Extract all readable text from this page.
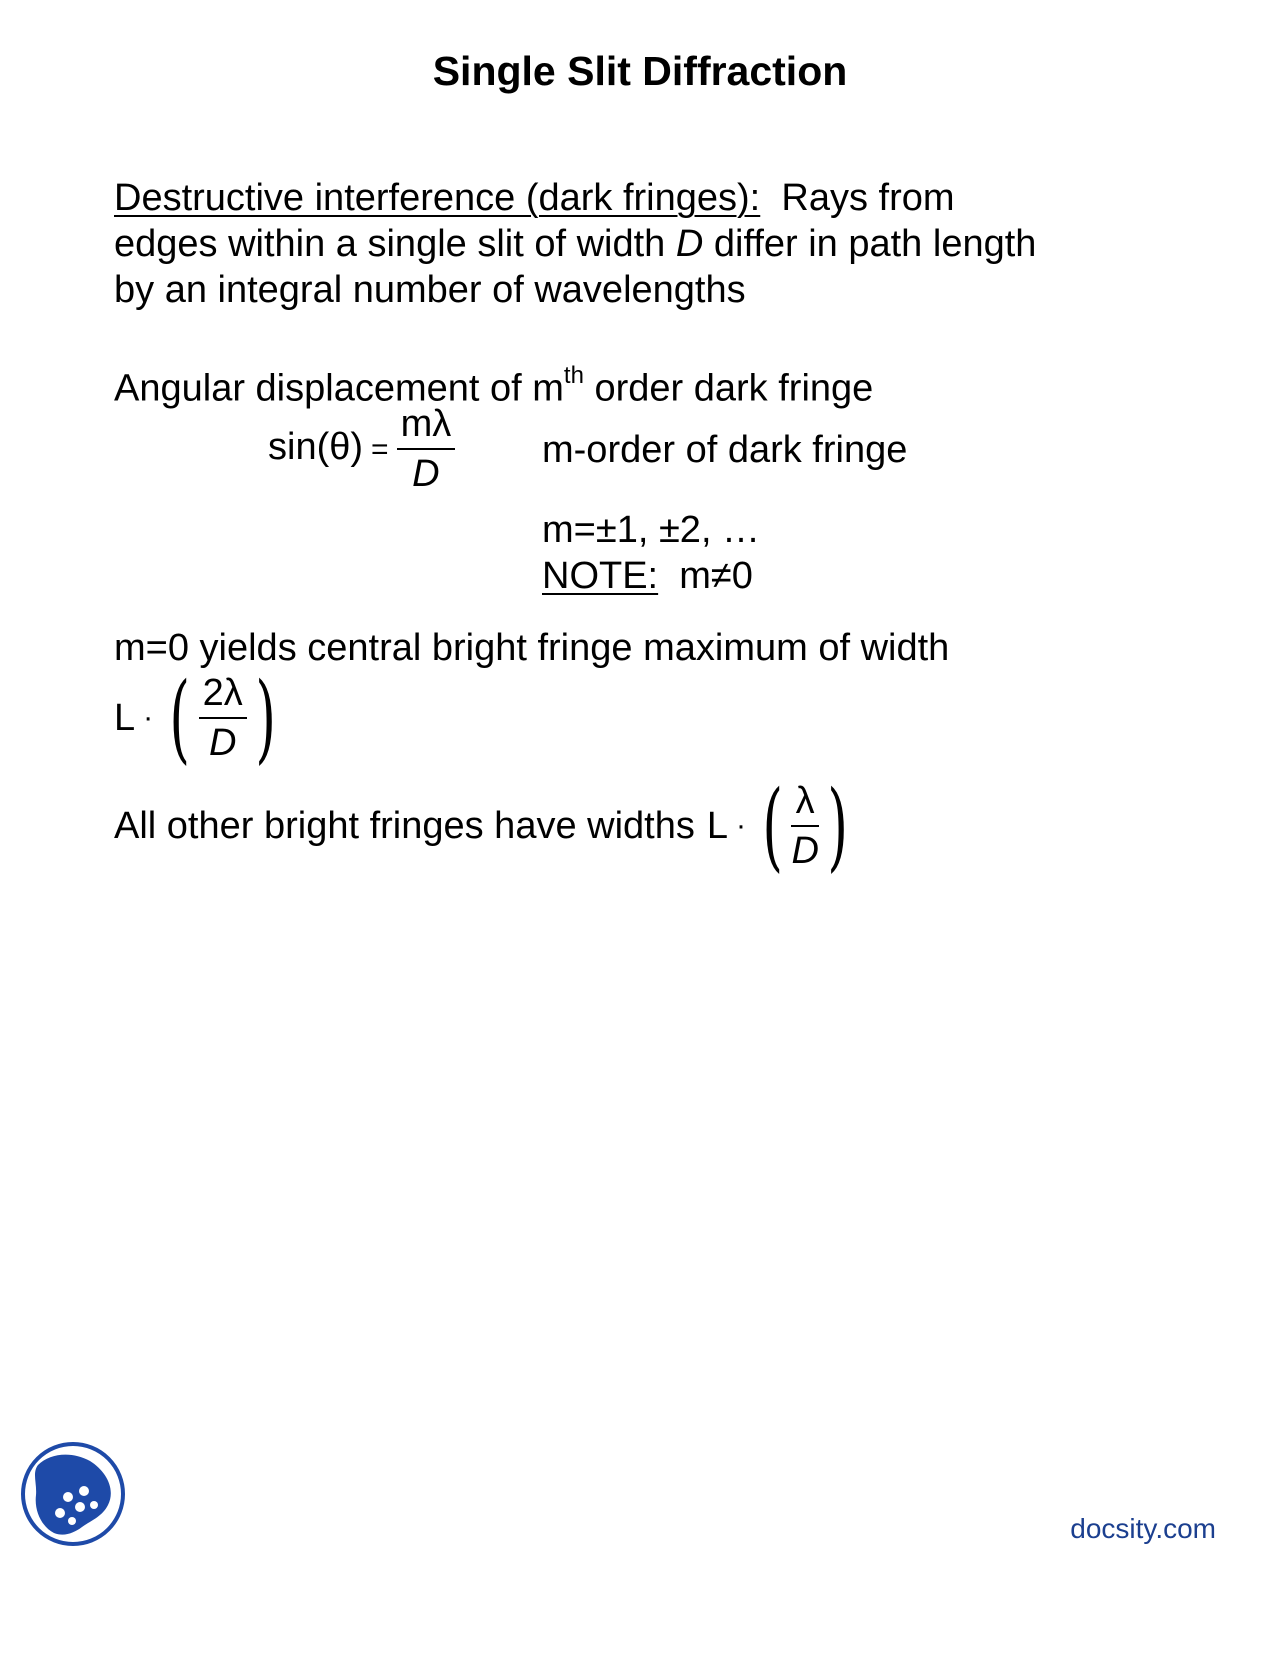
Single Slit Diffraction
Destructive interference (dark fringes): Rays from
edges within a single slit of width D differ in path length
by an integral number of wavelengths
Angular displacement of $m^{th}$ order dark fringe
$\sin(\theta) = \frac{m\lambda}{D}$ m-order of dark fringe
m=±1, ±2, …
NOTE: m≠0
m=0 yields central bright fringe maximum of width
L · ( $\frac{2\lambda}{D}$ )
All other bright fringes have widths L · ( $\frac{\lambda}{D}$ )
docsity.com
